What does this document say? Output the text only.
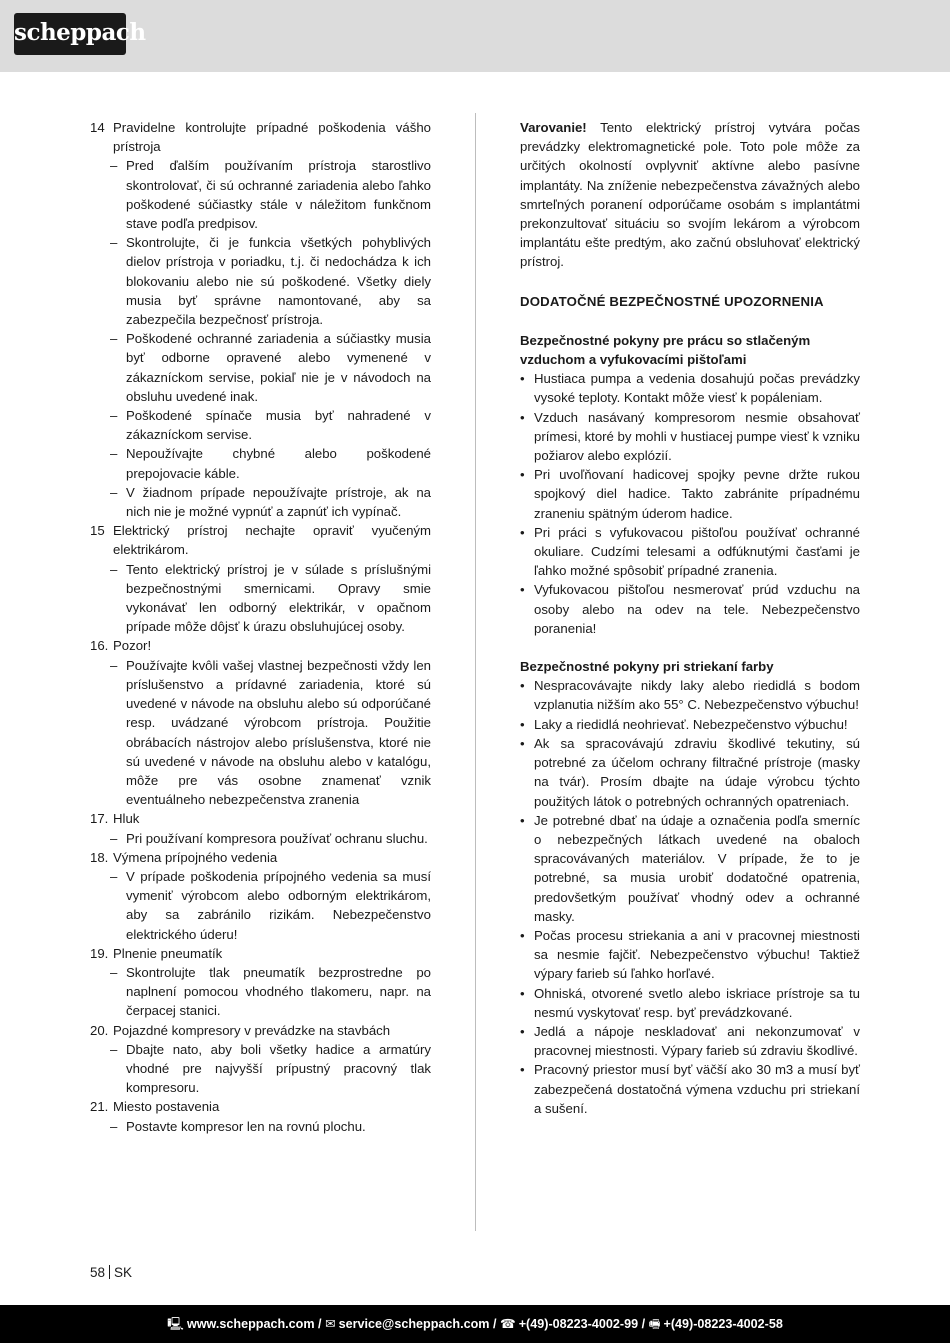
scheppach
14 Pravidelne kontrolujte prípadné poškodenia vášho prístroja
– Pred ďalším používaním prístroja starostlivo skontrolovať, či sú ochranné zariadenia alebo ľahko poškodené súčiastky stále v náležitom funkčnom stave podľa predpisov.
– Skontrolujte, či je funkcia všetkých pohyblivých dielov prístroja v poriadku, t.j. či nedochádza k ich blokovaniu alebo nie sú poškodené. Všetky diely musia byť správne namontované, aby sa zabezpečila bezpečnosť prístroja.
– Poškodené ochranné zariadenia a súčiastky musia byť odborne opravené alebo vymenené v zákazníckom servise, pokiaľ nie je v návodoch na obsluhu uvedené inak.
– Poškodené spínače musia byť nahradené v zákazníckom servise.
– Nepoužívajte chybné alebo poškodené prepojovacie káble.
– V žiadnom prípade nepoužívajte prístroje, ak na nich nie je možné vypnúť a zapnúť ich vypínač.
15 Elektrický prístroj nechajte opraviť vyučeným elektrikárom.
– Tento elektrický prístroj je v súlade s príslušnými bezpečnostnými smernicami. Opravy smie vykonávať len odborný elektrikár, v opačnom prípade môže dôjsť k úrazu obsluhujúcej osoby.
16. Pozor!
– Používajte kvôli vašej vlastnej bezpečnosti vždy len príslušenstvo a prídavné zariadenia, ktoré sú uvedené v návode na obsluhu alebo sú odporúčané resp. uvádzané výrobcom prístroja. Použitie obrábacích nástrojov alebo príslušenstva, ktoré nie sú uvedené v návode na obsluhu alebo v katalógu, môže pre vás osobne znamenať vznik eventuálneho nebezpečenstva zranenia
17. Hluk
– Pri používaní kompresora používať ochranu sluchu.
18. Výmena prípojného vedenia
– V prípade poškodenia prípojného vedenia sa musí vymeniť výrobcom alebo odborným elektrikárom, aby sa zabránilo rizikám. Nebezpečenstvo elektrického úderu!
19. Plnenie pneumatík
– Skontrolujte tlak pneumatík bezprostredne po naplnení pomocou vhodného tlakomeru, napr. na čerpacej stanici.
20. Pojazdné kompresory v prevádzke na stavbách
– Dbajte nato, aby boli všetky hadice a armatúry vhodné pre najvyšší prípustný pracovný tlak kompresoru.
21. Miesto postavenia
– Postavte kompresor len na rovnú plochu.

Varovanie! Tento elektrický prístroj vytvára počas prevádzky elektromagnetické pole. Toto pole môže za určitých okolností ovplyvniť aktívne alebo pasívne implantáty. Na zníženie nebezpečenstva závažných alebo smrteľných poranení odporúčame osobám s implantátmi prekonzultovať situáciu so svojím lekárom a výrobcom implantátu ešte predtým, ako začnú obsluhovať elektrický prístroj.

DODATOČNÉ BEZPEČNOSTNÉ UPOZORNENIA
Bezpečnostné pokyny pre prácu so stlačeným vzduchom a vyfukovacími pištoľami
• Hustiaca pumpa a vedenia dosahujú počas prevádzky vysoké teploty. Kontakt môže viesť k popáleniam.
• Vzduch nasávaný kompresorom nesmie obsahovať prímesi, ktoré by mohli v hustiacej pumpe viesť k vzniku požiarov alebo explózií.
• Pri uvoľňovaní hadicovej spojky pevne držte rukou spojkový diel hadice. Takto zabránite prípadnému zraneniu spätným úderom hadice.
• Pri práci s vyfukovacou pištoľou používať ochranné okuliare. Cudzími telesami a odfúknutými časťami je ľahko možné spôsobiť prípadné zranenia.
• Vyfukovacou pištoľou nesmerovať prúd vzduchu na osoby alebo na odev na tele. Nebezpečenstvo poranenia!
Bezpečnostné pokyny pri striekaní farby
• Nespracovávajte nikdy laky alebo riedidlá s bodom vzplanutia nižším ako 55° C. Nebezpečenstvo výbuchu!
• Laky a riedidlá neohrievať. Nebezpečenstvo výbuchu!
• Ak sa spracovávajú zdraviu škodlivé tekutiny, sú potrebné za účelom ochrany filtračné prístroje (masky na tvár). Prosím dbajte na údaje výrobcu týchto použitých látok o potrebných ochranných opatreniach.
• Je potrebné dbať na údaje a označenia podľa smerníc o nebezpečných látkach uvedené na obaloch spracovávaných materiálov. V prípade, že to je potrebné, sa musia urobiť dodatočné opatrenia, predovšetkým používať vhodný odev a ochranné masky.
• Počas procesu striekania a ani v pracovnej miestnosti sa nesmie fajčiť. Nebezpečenstvo výbuchu! Taktiež výpary farieb sú ľahko horľavé.
• Ohniská, otvorené svetlo alebo iskriace prístroje sa tu nesmú vyskytovať resp. byť prevádzkované.
• Jedlá a nápoje neskladovať ani nekonzumovať v pracovnej miestnosti. Výpary farieb sú zdraviu škodlivé.
• Pracovný priestor musí byť väčší ako 30 m3 a musí byť zabezpečená dostatočná výmena vzduchu pri striekaní a sušení.
58 SK
🖳 www.scheppach.com / ✉ service@scheppach.com / ☎ +(49)-08223-4002-99 / 🖷 +(49)-08223-4002-58
